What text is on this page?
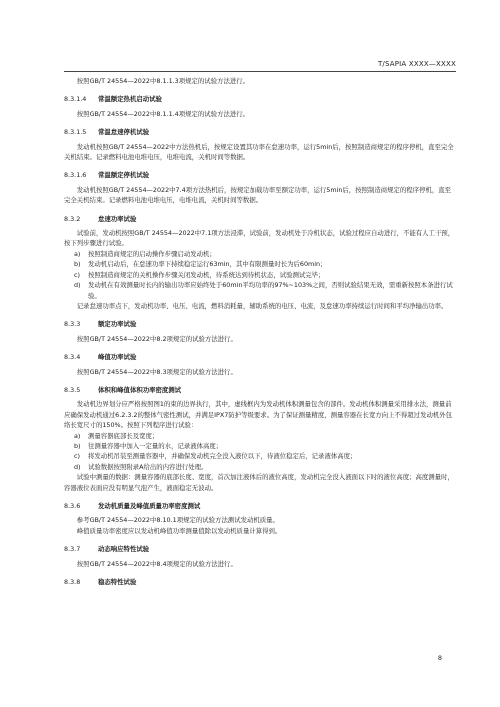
T/SAPIA XXXX—XXXX

按照GB/T 24554—2022中8.1.1.3项规定的试验方法进行。

8.3.1.4 常温额定热机启动试验

按照GB/T 24554—2022中8.1.1.4项规定的试验方法进行。

8.3.1.5 常温怠速停机试验

发动机按照GB/T 24554—2022中方法热机后，按规定设置其功率在怠速功率，运行5min后，按照制造商规定的程序停机，直至完全关机结束。记录燃料电池电堆电压，电堆电流，关机时间等数据。

8.3.1.6 常温额定停机试验

发动机按照GB/T 24554—2022中7.4项方法热机后，按规定加载功率至额定功率，运行5min后，按照制造商规定的程序停机，直至完全关机结束。记录燃料电池电堆电压，电堆电流，关机时间等数据。

8.3.2	怠速功率试验

试验前，发动机按照GB/T 24554—2022中7.1项方法浸滞，试验前，发动机处于冷机状态，试验过程应自动进行，不能有人工干预，按下列步骤进行试验。

a) 按照制造商规定的启动操作步骤启动发动机；
b) 发动机启动后，在怠速功率下持续稳定运行63min，其中有限测量时长为后60min；
c) 按照制造商规定的关机操作步骤关闭发动机，待系统达到待机状态，试验测试完毕；
d) 发动机在有效测量时长内的输出功率应始终处于60min平均功率的97%~103%之间，否则试验结果无效，需重新按照本条进行试验。

记录怠速功率点下，发动机功率、电压、电流，燃料消耗量，辅助系统的电压、电流，及怠速功率持续运行时间和平均净输出功率。

8.3.3	额定功率试验

按照GB/T 24554—2022中8.2项规定的试验方法进行。

8.3.4	峰值功率试验

按照GB/T 24554—2022中8.3项规定的试验方法进行。

8.3.5	体积和峰值体积功率密度测试

发动机边界划分应严格按照图1的束的边界执行，其中，虚线框内为发动机体积测量包含的部件。发动机体积测量采用排水法，测量前应确保发动机通过6.2.3.2的整体气密性测试，并满足IPX7防护等级要求。为了保证测量精度，测量容器在长宽方向上不得超过发动机外包络长宽尺寸的150%。按照下列程序进行试验：

a) 测量容器底部长及宽度；
b) 往测量容器中加入一定量的水，记录液体高度；
c) 将发动机吊装至测量容器中，并确保发动机完全没入液位以下，待液位稳定后，记录液体高度；
d) 试验数据按照附录A给出的内容进行处理。

试验中测量的数据：测量容器的底部长度、宽度，首次加注液体后的液位高度，发动机完全没入液面以下时的液位高度；高度测量时，容器液位表面应没有明显气泡产生，液面稳定无波动。

8.3.6	发动机质量及峰值质量功率密度测试

参考GB/T 24554—2022中8.10.1项规定的试验方法测试发动机质量。

峰值质量功率密度应以发动机峰值功率测量值除以发动机质量计算得到。

8.3.7	动态响应特性试验

按照GB/T 24554—2022中8.4项规定的试验方法进行。

8.3.8	稳态特性试验
8
